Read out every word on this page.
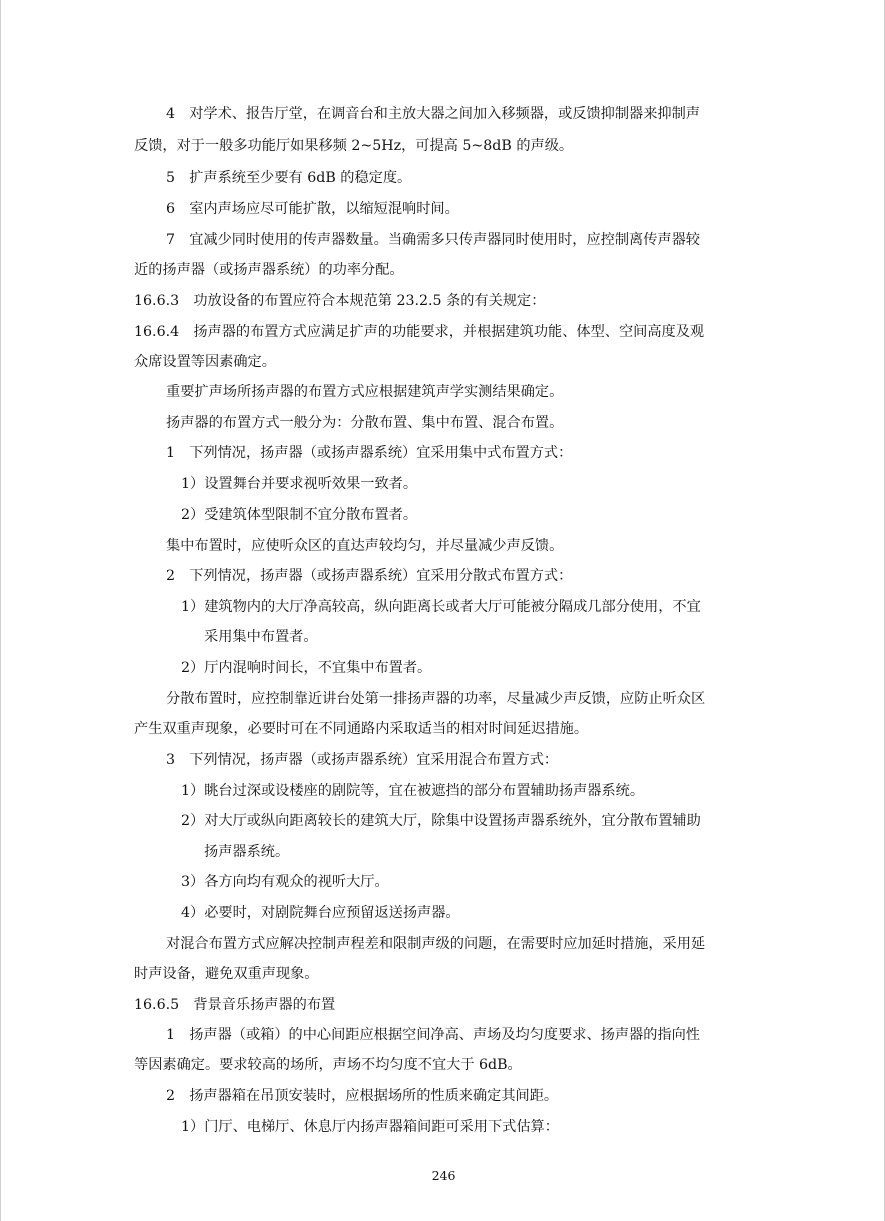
4　对学术、报告厅堂，在调音台和主放大器之间加入移频器，或反馈抑制器来抑制声
反馈，对于一般多功能厅如果移频 2~5Hz，可提高 5~8dB 的声级。
5　扩声系统至少要有 6dB 的稳定度。
6　室内声场应尽可能扩散，以缩短混响时间。
7　宜减少同时使用的传声器数量。当确需多只传声器同时使用时，应控制离传声器较
近的扬声器（或扬声器系统）的功率分配。
16.6.3　功放设备的布置应符合本规范第 23.2.5 条的有关规定：
16.6.4　扬声器的布置方式应满足扩声的功能要求，并根据建筑功能、体型、空间高度及观
众席设置等因素确定。
重要扩声场所扬声器的布置方式应根据建筑声学实测结果确定。
扬声器的布置方式一般分为：分散布置、集中布置、混合布置。
1　下列情况，扬声器（或扬声器系统）宜采用集中式布置方式：
1）设置舞台并要求视听效果一致者。
2）受建筑体型限制不宜分散布置者。
集中布置时，应使听众区的直达声较均匀，并尽量减少声反馈。
2　下列情况，扬声器（或扬声器系统）宜采用分散式布置方式：
1）建筑物内的大厅净高较高，纵向距离长或者大厅可能被分隔成几部分使用，不宜
采用集中布置者。
2）厅内混响时间长，不宜集中布置者。
分散布置时，应控制靠近讲台处第一排扬声器的功率，尽量减少声反馈，应防止听众区
产生双重声现象，必要时可在不同通路内采取适当的相对时间延迟措施。
3　下列情况，扬声器（或扬声器系统）宜采用混合布置方式：
1）眺台过深或设楼座的剧院等，宜在被遮挡的部分布置辅助扬声器系统。
2）对大厅或纵向距离较长的建筑大厅，除集中设置扬声器系统外，宜分散布置辅助
扬声器系统。
3）各方向均有观众的视听大厅。
4）必要时，对剧院舞台应预留返送扬声器。
对混合布置方式应解决控制声程差和限制声级的问题，在需要时应加延时措施，采用延
时声设备，避免双重声现象。
16.6.5　背景音乐扬声器的布置
1　扬声器（或箱）的中心间距应根据空间净高、声场及均匀度要求、扬声器的指向性
等因素确定。要求较高的场所，声场不均匀度不宜大于 6dB。
2　扬声器箱在吊顶安装时，应根据场所的性质来确定其间距。
1）门厅、电梯厅、休息厅内扬声器箱间距可采用下式估算：
246
